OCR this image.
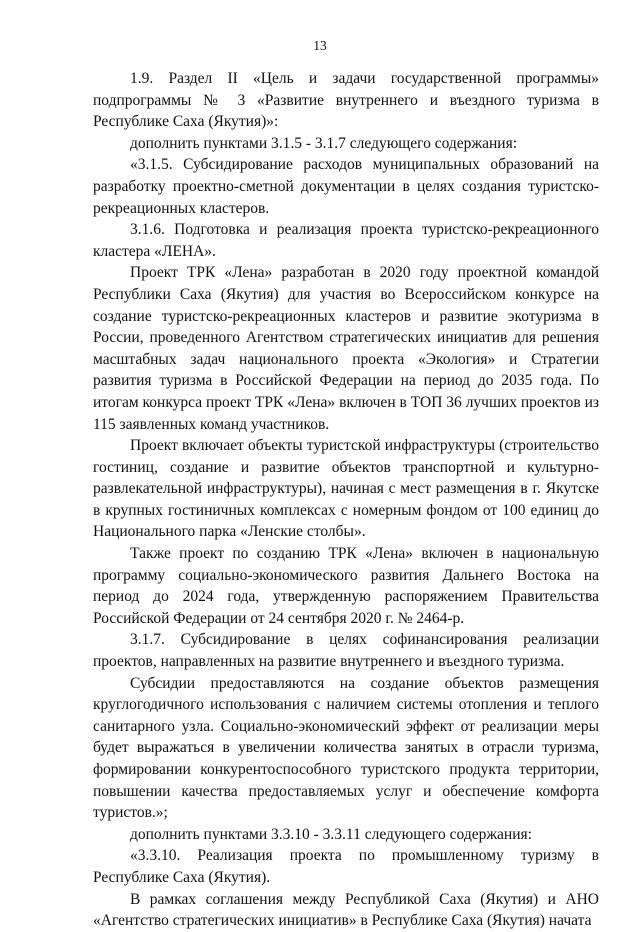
13

1.9. Раздел II «Цель и задачи государственной программы» подпрограммы № 3 «Развитие внутреннего и въездного туризма в Республике Саха (Якутия)»:

дополнить пунктами 3.1.5 - 3.1.7 следующего содержания:

«3.1.5. Субсидирование расходов муниципальных образований на разработку проектно-сметной документации в целях создания туристско-рекреационных кластеров.

3.1.6. Подготовка и реализация проекта туристско-рекреационного кластера «ЛЕНА».

Проект ТРК «Лена» разработан в 2020 году проектной командой Республики Саха (Якутия) для участия во Всероссийском конкурсе на создание туристско-рекреационных кластеров и развитие экотуризма в России, проведенного Агентством стратегических инициатив для решения масштабных задач национального проекта «Экология» и Стратегии развития туризма в Российской Федерации на период до 2035 года. По итогам конкурса проект ТРК «Лена» включен в ТОП 36 лучших проектов из 115 заявленных команд участников.

Проект включает объекты туристской инфраструктуры (строительство гостиниц, создание и развитие объектов транспортной и культурно-развлекательной инфраструктуры), начиная с мест размещения в г. Якутске в крупных гостиничных комплексах с номерным фондом от 100 единиц до Национального парка «Ленские столбы».

Также проект по созданию ТРК «Лена» включен в национальную программу социально-экономического развития Дальнего Востока на период до 2024 года, утвержденную распоряжением Правительства Российской Федерации от 24 сентября 2020 г. № 2464-р.

3.1.7. Субсидирование в целях софинансирования реализации проектов, направленных на развитие внутреннего и въездного туризма.

Субсидии предоставляются на создание объектов размещения круглогодичного использования с наличием системы отопления и теплого санитарного узла. Социально-экономический эффект от реализации меры будет выражаться в увеличении количества занятых в отрасли туризма, формировании конкурентоспособного туристского продукта территории, повышении качества предоставляемых услуг и обеспечение комфорта туристов.»;

дополнить пунктами 3.3.10 - 3.3.11 следующего содержания:

«3.3.10. Реализация проекта по промышленному туризму в Республике Саха (Якутия).

В рамках соглашения между Республикой Саха (Якутия) и АНО «Агентство стратегических инициатив» в Республике Саха (Якутия) начата
